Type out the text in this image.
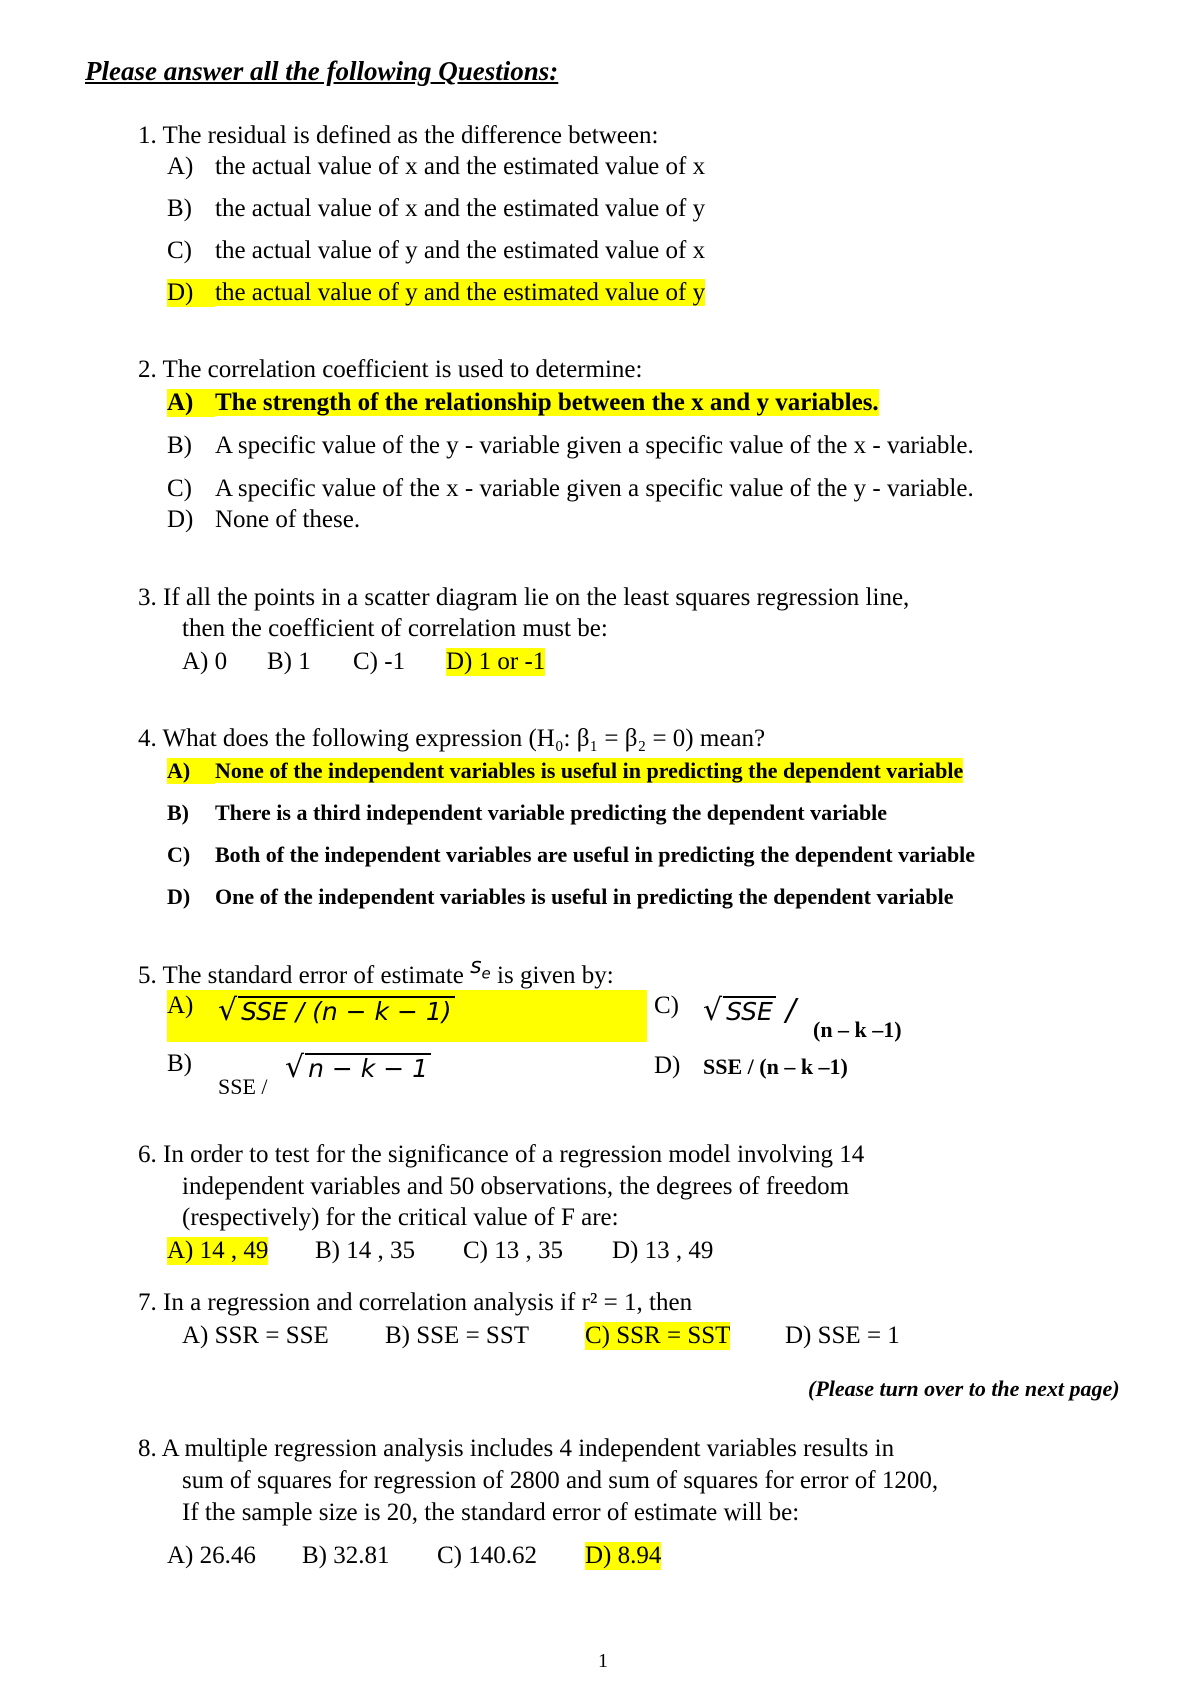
Please answer all the following Questions:
1. The residual is defined as the difference between:
A) the actual value of x and the estimated value of x
B) the actual value of x and the estimated value of y
C) the actual value of y and the estimated value of x
D) the actual value of y and the estimated value of y
2. The correlation coefficient is used to determine:
A) The strength of the relationship between the x and y variables.
B) A specific value of the y - variable given a specific value of the x - variable.
C) A specific value of the x - variable given a specific value of the y - variable.
D) None of these.
3. If all the points in a scatter diagram lie on the least squares regression line,
then the coefficient of correlation must be:
A) 0 B) 1 C) -1 D) 1 or -1
4. What does the following expression (H₀: β₁ = β₂ = 0) mean?
A) None of the independent variables is useful in predicting the dependent variable
B) There is a third independent variable predicting the dependent variable
C) Both of the independent variables are useful in predicting the dependent variable
D) One of the independent variables is useful in predicting the dependent variable
5. The standard error of estimate $s_e$ is given by:
A) √ SSE / (n − k − 1)
B)
SSE /
√ n − k − 1
C) √ SSE /
(n – k –1)
D) SSE / (n – k –1)
6. In order to test for the significance of a regression model involving 14
independent variables and 50 observations, the degrees of freedom
(respectively) for the critical value of F are:
A) 14 , 49 B) 14 , 35 C) 13 , 35 D) 13 , 49
7. In a regression and correlation analysis if r² = 1, then
A) SSR = SSE B) SSE = SST C) SSR = SST D) SSE = 1
(Please turn over to the next page)
8. A multiple regression analysis includes 4 independent variables results in
sum of squares for regression of 2800 and sum of squares for error of 1200,
If the sample size is 20, the standard error of estimate will be:
A) 26.46 B) 32.81 C) 140.62 D) 8.94
1
